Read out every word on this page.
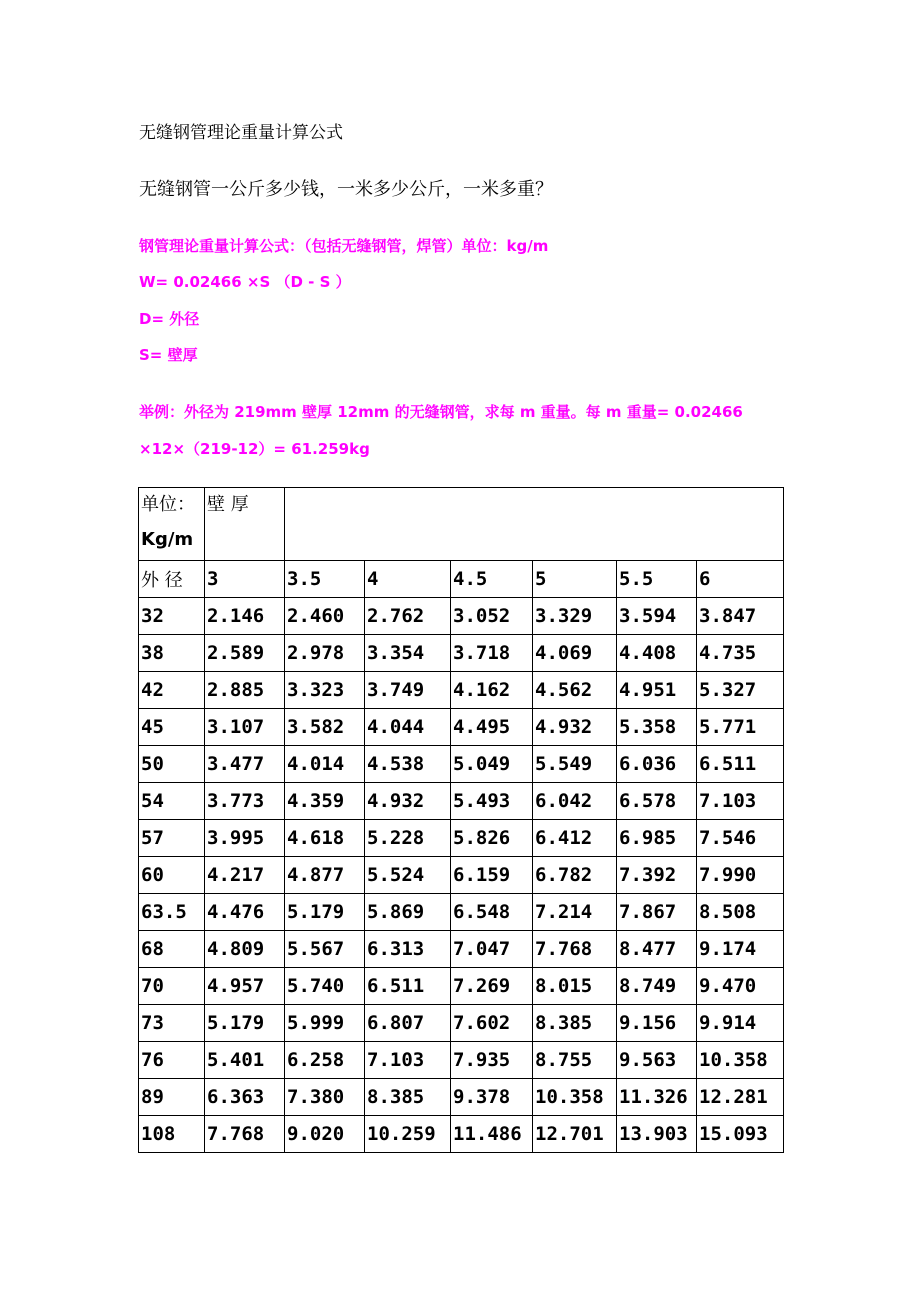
无缝钢管理论重量计算公式
无缝钢管一公斤多少钱，一米多少公斤，一米多重？
钢管理论重量计算公式：（包括无缝钢管，焊管）单位：kg/m
W= 0.02466 ×S （D - S ）
D= 外径
S= 壁厚
举例：外径为 219mm 壁厚 12mm 的无缝钢管，求每 m 重量。每 m 重量= 0.02466
×12×（219-12）= 61.259kg
单位：
Kg/m	壁 厚						

外 径	3	3.5	4	4.5	5	5.5	6
32	2.146	2.460	2.762	3.052	3.329	3.594	3.847
38	2.589	2.978	3.354	3.718	4.069	4.408	4.735
42	2.885	3.323	3.749	4.162	4.562	4.951	5.327
45	3.107	3.582	4.044	4.495	4.932	5.358	5.771
50	3.477	4.014	4.538	5.049	5.549	6.036	6.511
54	3.773	4.359	4.932	5.493	6.042	6.578	7.103
57	3.995	4.618	5.228	5.826	6.412	6.985	7.546
60	4.217	4.877	5.524	6.159	6.782	7.392	7.990
63.5	4.476	5.179	5.869	6.548	7.214	7.867	8.508
68	4.809	5.567	6.313	7.047	7.768	8.477	9.174
70	4.957	5.740	6.511	7.269	8.015	8.749	9.470
73	5.179	5.999	6.807	7.602	8.385	9.156	9.914
76	5.401	6.258	7.103	7.935	8.755	9.563	10.358
89	6.363	7.380	8.385	9.378	10.358	11.326	12.281
108	7.768	9.020	10.259	11.486	12.701	13.903	15.093
